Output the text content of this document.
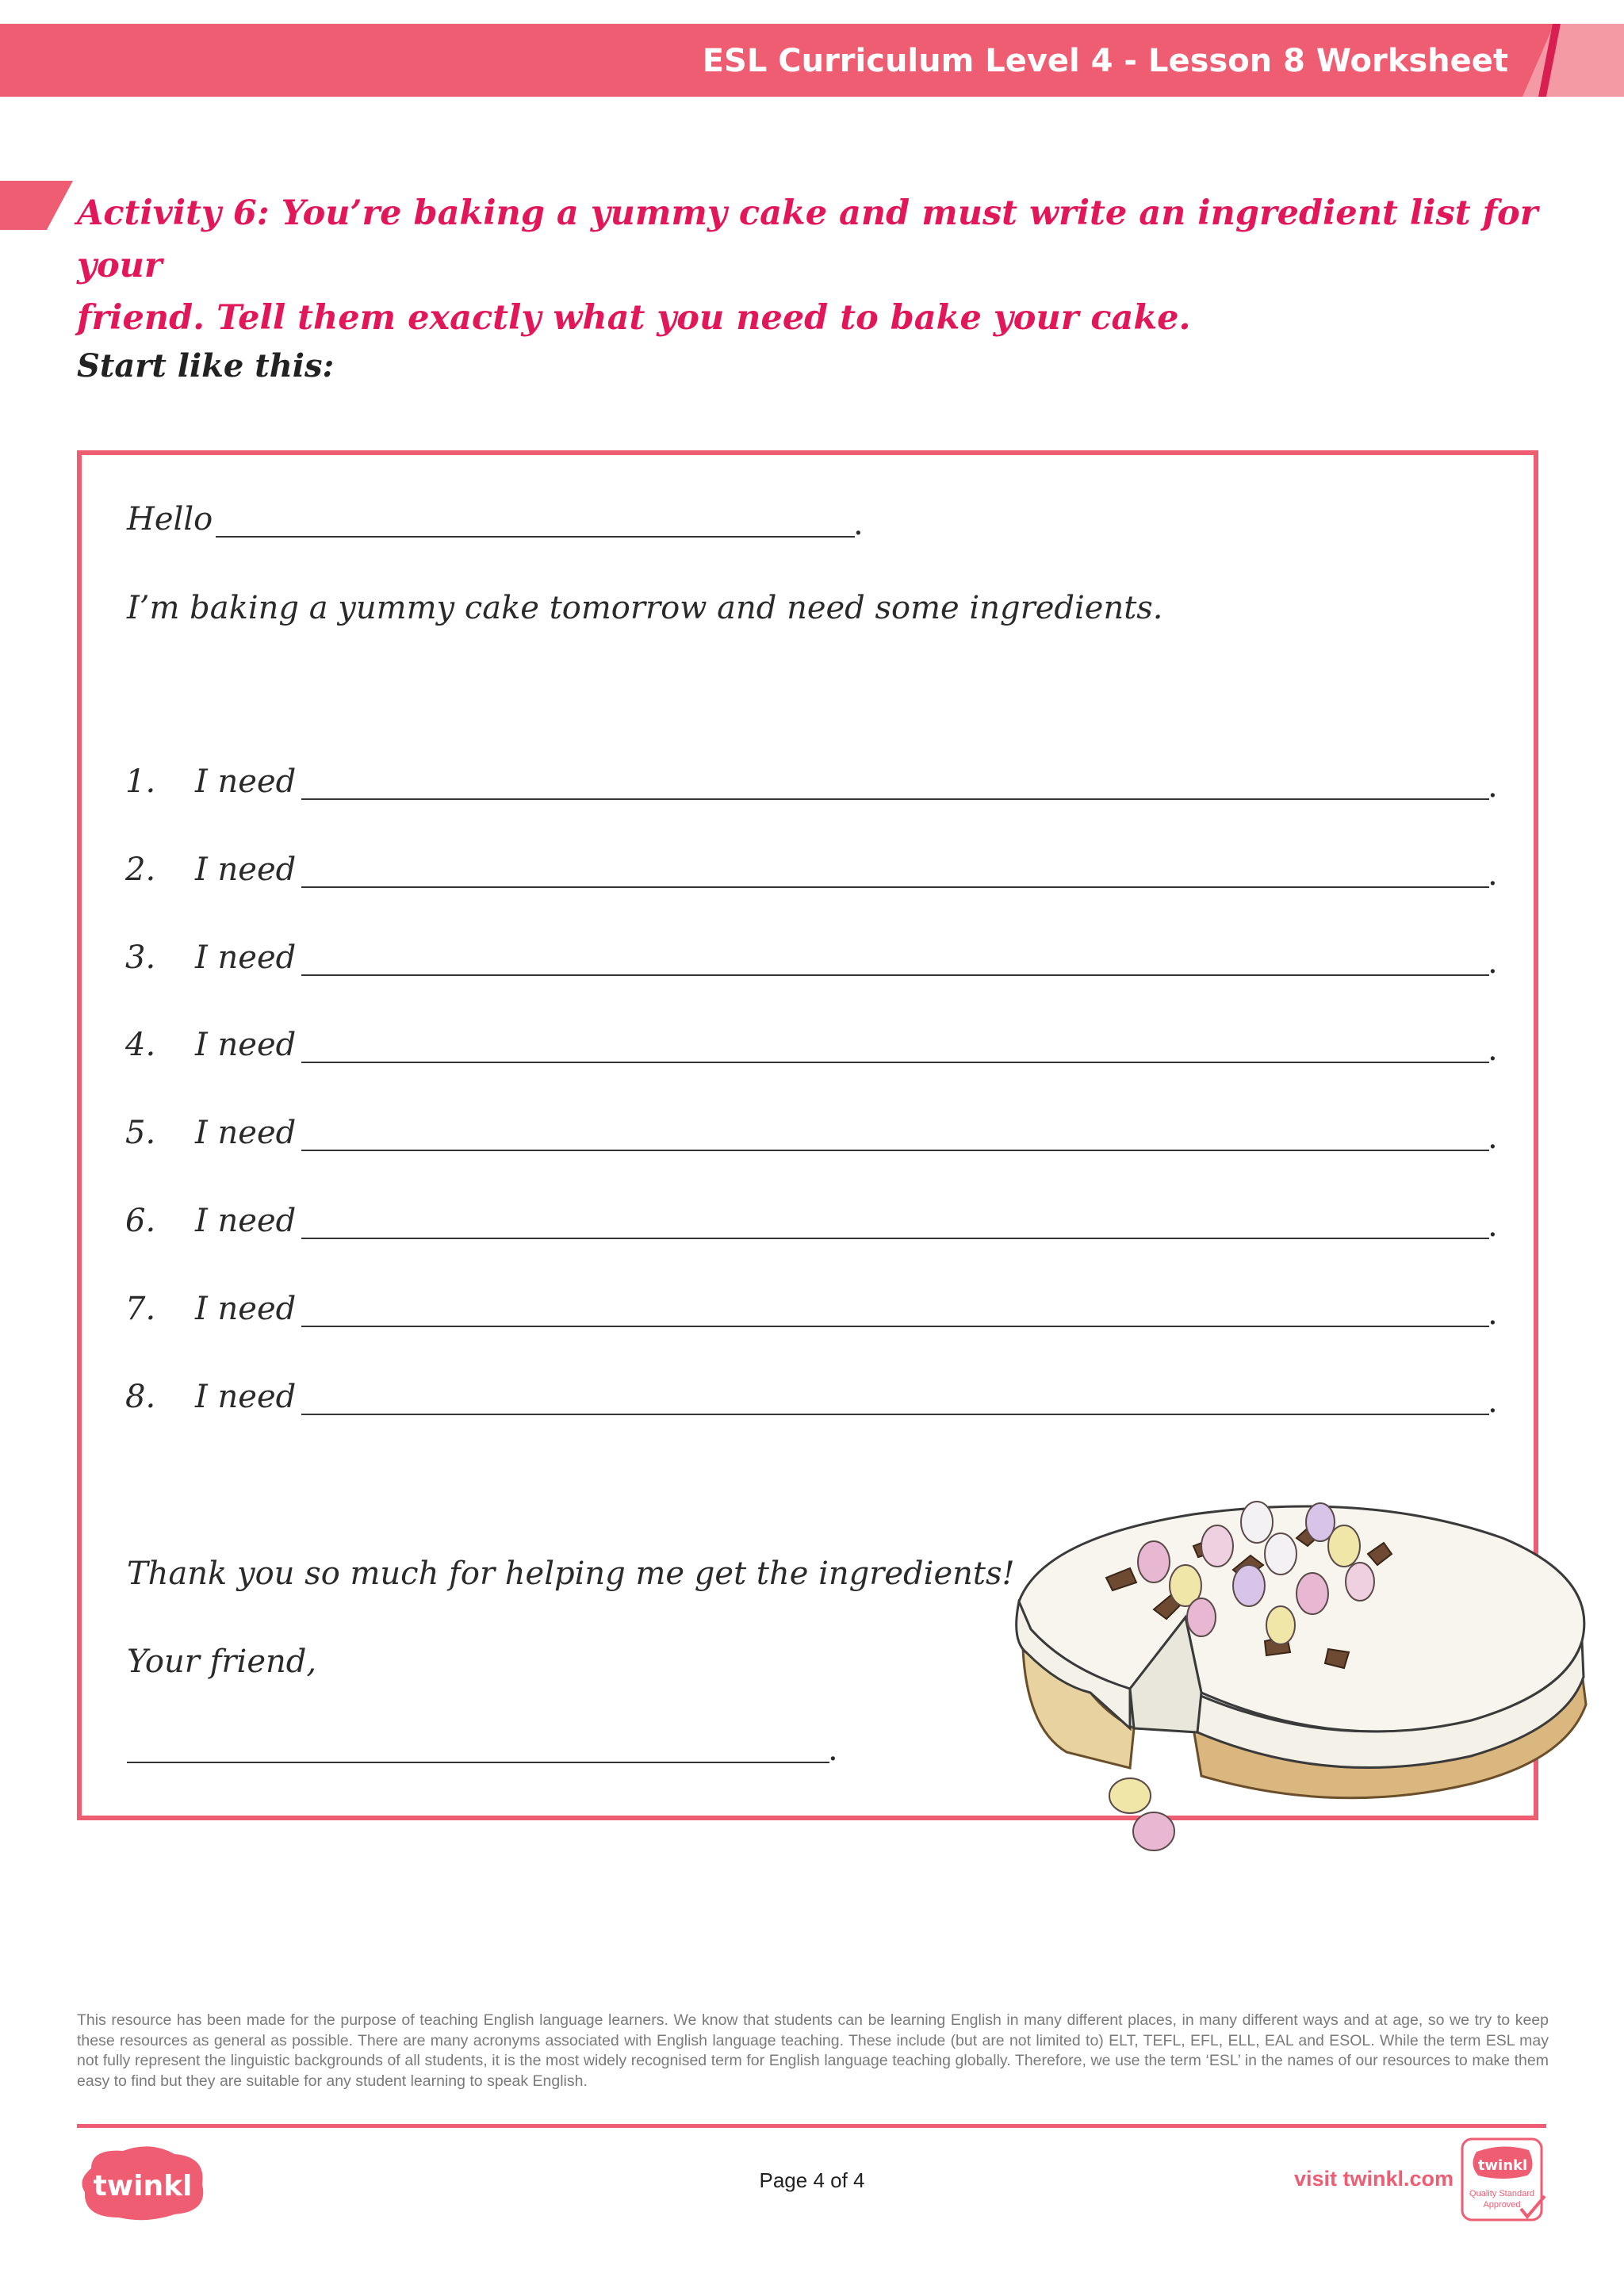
ESL Curriculum Level 4 - Lesson 8 Worksheet
Activity 6: You’re baking a yummy cake and must write an ingredient list for your
friend. Tell them exactly what you need to bake your cake.
Start like this:
Hello	.
I’m baking a yummy cake tomorrow and need some ingredients.
1. I need	.
2. I need	.
3. I need	.
4. I need	.
5. I need	.
6. I need	.
7. I need	.
8. I need	.
Thank you so much for helping me get the ingredients!
Your friend,
.
This resource has been made for the purpose of teaching English language learners. We know that students can be learning English in many different places, in many different ways and at age, so we try to keep these resources as general as possible. There are many acronyms associated with English language teaching. These include (but are not limited to) ELT, TEFL, EFL, ELL, EAL and ESOL. While the term ESL may not fully represent the linguistic backgrounds of all students, it is the most widely recognised term for English language teaching globally. Therefore, we use the term ‘ESL’ in the names of our resources to make them easy to find but they are suitable for any student learning to speak English.
twinkl	Page 4 of 4	visit twinkl.com
twinkl
Quality Standard
Approved
